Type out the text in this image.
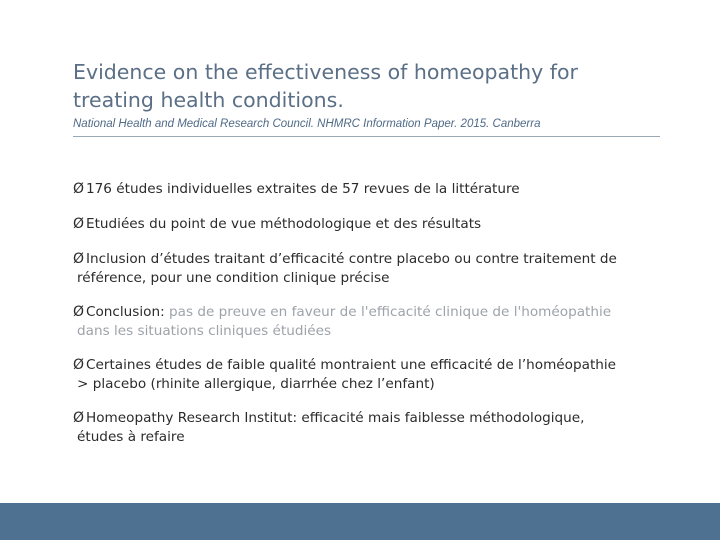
Evidence on the effectiveness of homeopathy for treating health conditions.
National Health and Medical Research Council. NHMRC Information Paper. 2015. Canberra
Ø 176 études individuelles extraites de 57 revues de la littérature
Ø Etudiées du point de vue méthodologique et des résultats
Ø Inclusion d’études traitant d’efficacité contre placebo ou contre traitement de
référence, pour une condition clinique précise
Ø Conclusion: pas de preuve en faveur de l'efficacité clinique de l'homéopathie
dans les situations cliniques étudiées
Ø Certaines études de faible qualité montraient une efficacité de l’homéopathie
> placebo (rhinite allergique, diarrhée chez l’enfant)
Ø Homeopathy Research Institut: efficacité mais faiblesse méthodologique,
études à refaire
